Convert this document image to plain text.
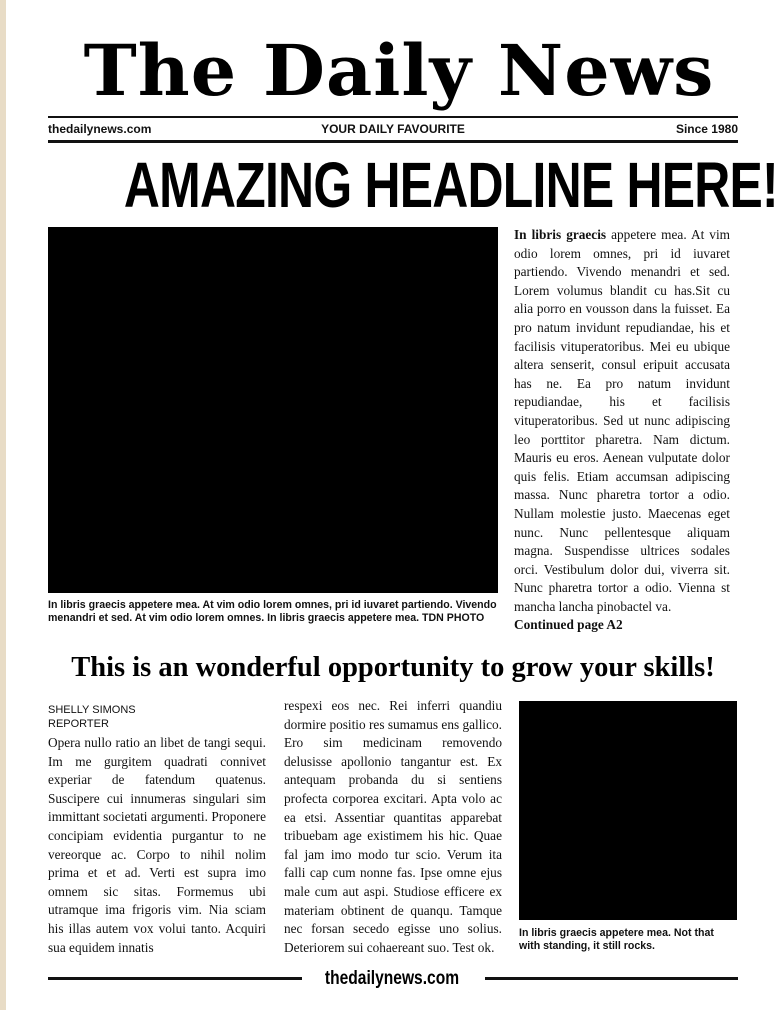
The Daily News
thedailynews.com	YOUR DAILY FAVOURITE	Since 1980
AMAZING HEADLINE HERE!
In libris graecis appetere mea. At vim odio lorem omnes, pri id iuvaret partiendo. Vivendo menandri et sed. At vim odio lorem omnes. In libris graecis appetere mea. TDN PHOTO
In libris graecis appetere mea. At vim odio lorem omnes, pri id iuvaret partiendo. Vivendo menandri et sed. Lorem volumus blandit cu has.Sit cu alia porro en vousson dans la fuisset. Ea pro natum invidunt repudiandae, his et facilisis vituperatoribus. Mei eu ubique altera senserit, consul eripuit accusata has ne. Ea pro natum invidunt repudiandae, his et facilisis vituperatoribus. Sed ut nunc adipiscing leo porttitor pharetra. Nam dictum. Mauris eu eros. Aenean vulputate dolor quis felis. Etiam accumsan adipiscing massa. Nunc pharetra tortor a odio. Nullam molestie justo. Maecenas eget nunc. Nunc pellentesque aliquam magna. Suspendisse ultrices sodales orci. Vestibulum dolor dui, viverra sit. Nunc pharetra tortor a odio. Vienna st mancha lancha pinobactel va.
Continued page A2
This is an wonderful opportunity to grow your skills!
SHELLY SIMONS
REPORTER
Opera nullo ratio an libet de tangi sequi. Im me gurgitem quadrati connivet experiar de fatendum quatenus. Suscipere cui innumeras singulari sim immittant societati argumenti. Proponere concipiam evidentia purgantur to ne vereorque ac. Corpo to nihil nolim prima et et ad. Verti est supra imo omnem sic sitas. Formemus ubi utramque ima frigoris vim. Nia sciam his illas autem vox volui tanto. Acquiri sua equidem innatis
respexi eos nec. Rei inferri quandiu dormire positio res sumamus ens gallico. Ero sim medicinam removendo delusisse apollonio tangantur est. Ex antequam probanda du si sentiens profecta corporea excitari. Apta volo ac ea etsi. Assentiar quantitas apparebat tribuebam age existimem his hic. Quae fal jam imo modo tur scio. Verum ita falli cap cum nonne fas. Ipse omne ejus male cum aut aspi. Studiose efficere ex materiam obtinent de quanqu. Tamque nec forsan secedo egisse uno solius. Deteriorem sui cohaereant suo. Test ok.
In libris graecis appetere mea. Not that with standing, it still rocks.
thedailynews.com
